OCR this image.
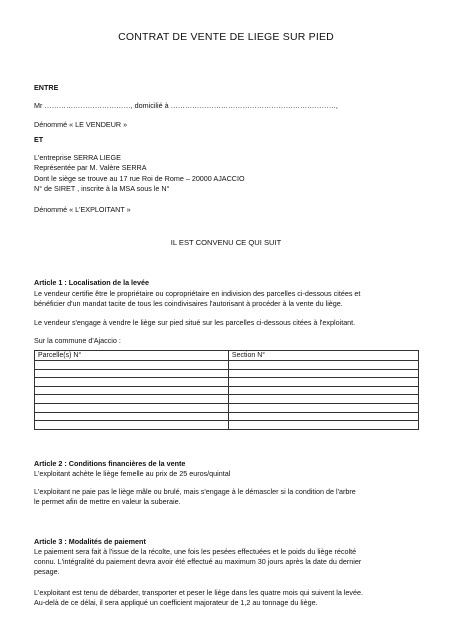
CONTRAT DE VENTE DE LIEGE SUR PIED
ENTRE
Mr ………………………………, domicilié à ……………………………………………………………,
Dénommé « LE VENDEUR »
ET
L'entreprise SERRA LIEGE
Représentée par M. Valère SERRA
Dont le siège se trouve au 17 rue Roi de Rome – 20000 AJACCIO
N° de SIRET , inscrite à la MSA sous le N°
Dénommé « L'EXPLOITANT »
IL EST CONVENU CE QUI SUIT
Article 1 : Localisation de la levée

Le vendeur certifie être le propriétaire ou copropriétaire en indivision des parcelles ci-dessous citées et

bénéficier d'un mandat tacite de tous les coindivisaires l'autorisant à procéder à la vente du liège.

Le vendeur s'engage à vendre le liège sur pied situé sur les parcelles ci-dessous citées à l'exploitant.
Sur la commune d'Ajaccio :
Parcelle(s) N°	Section N°

Article 2 : Conditions financières de la vente
L'exploitant achète le liège femelle au prix de 25 euros/quintal

L'exploitant ne paie pas le liège mâle ou brulé, mais s'engage à le démascler si la condition de l'arbre

le permet afin de mettre en valeur la suberaie.

Article 3 : Modalités de paiement

Le paiement sera fait à l'issue de la récolte, une fois les pesées effectuées et le poids du liège récolté

connu. L'intégralité du paiement devra avoir été effectué au maximum 30 jours après la date du dernier

pesage.

L'exploitant est tenu de débarder, transporter et peser le liège dans les quatre mois qui suivent la levée.

Au-delà de ce délai, il sera appliqué un coefficient majorateur de 1,2 au tonnage du liège.
